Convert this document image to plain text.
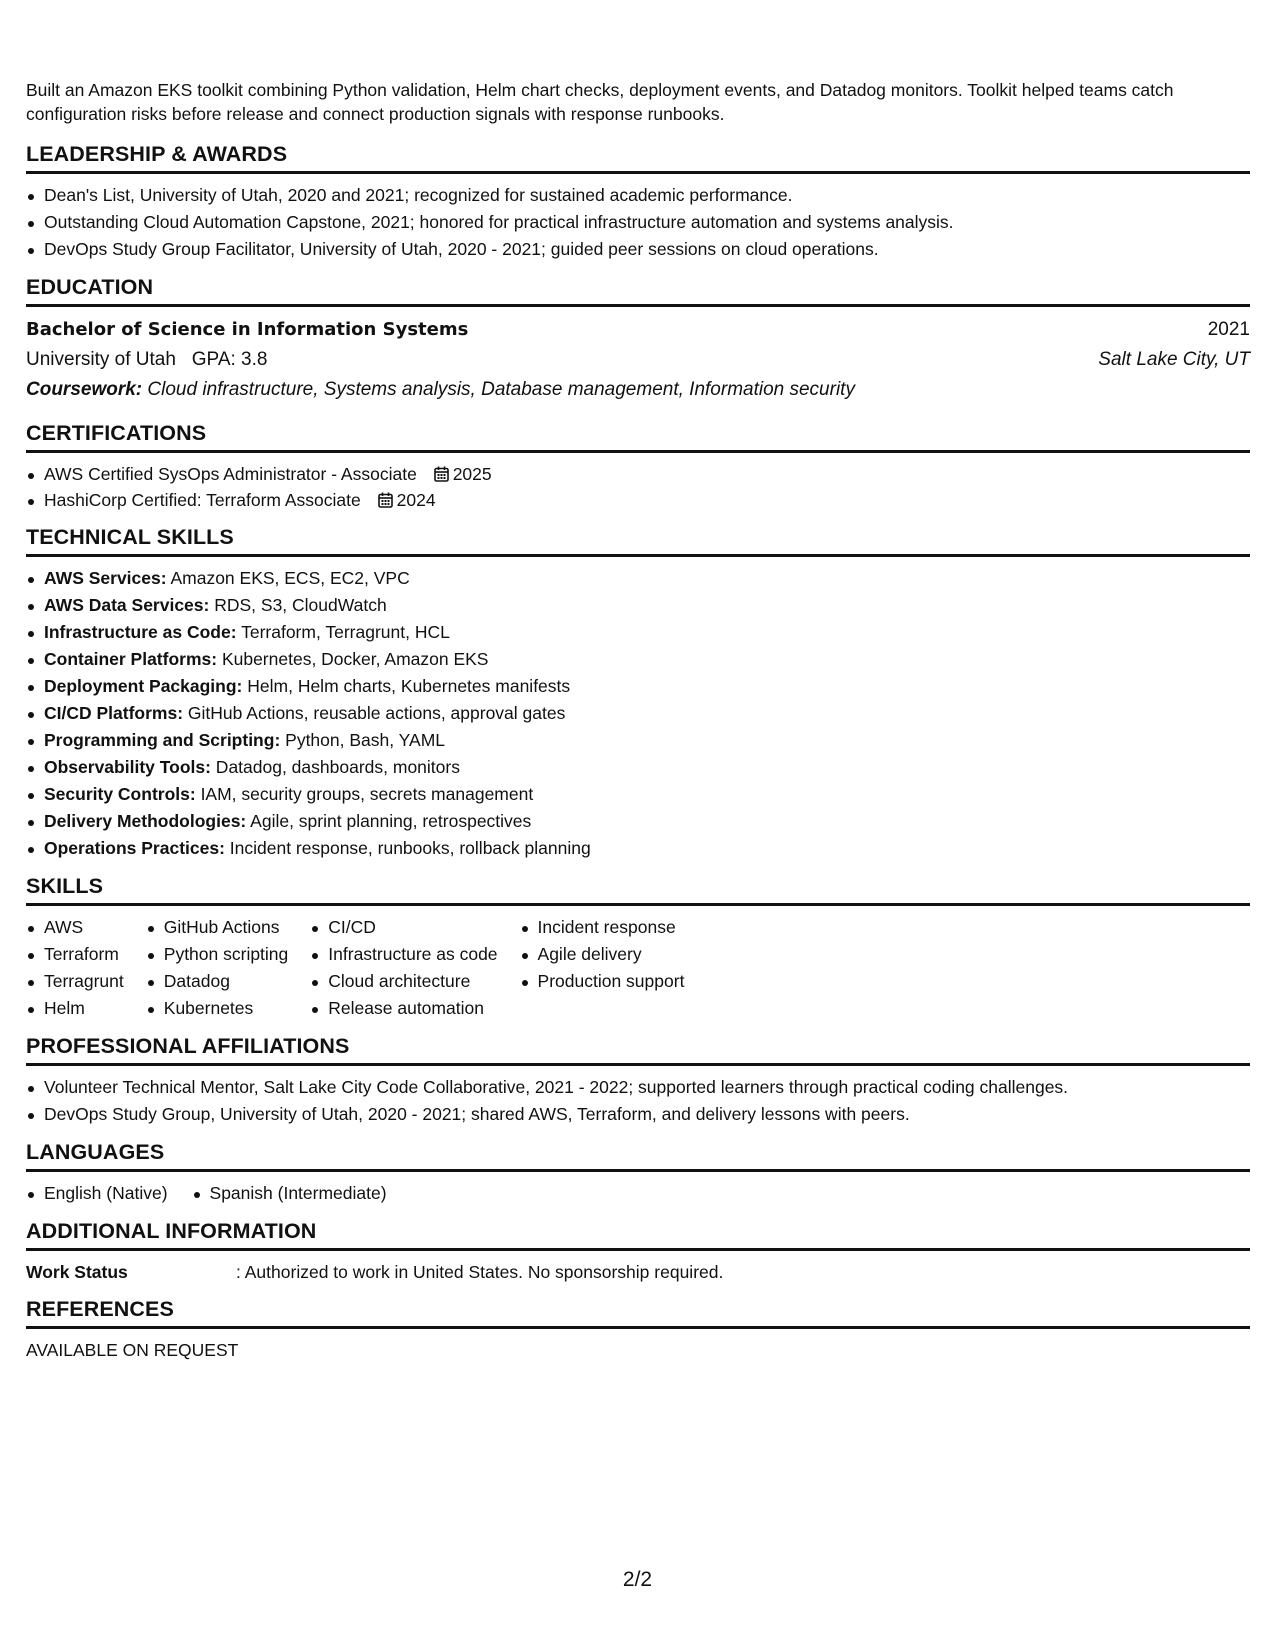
Built an Amazon EKS toolkit combining Python validation, Helm chart checks, deployment events, and Datadog monitors. Toolkit helped teams catch configuration risks before release and connect production signals with response runbooks.

LEADERSHIP & AWARDS
Dean's List, University of Utah, 2020 and 2021; recognized for sustained academic performance.
Outstanding Cloud Automation Capstone, 2021; honored for practical infrastructure automation and systems analysis.
DevOps Study Group Facilitator, University of Utah, 2020 - 2021; guided peer sessions on cloud operations.
EDUCATION
Bachelor of Science in Information Systems	2021
University of Utah   GPA: 3.8	Salt Lake City, UT
Coursework: Cloud infrastructure, Systems analysis, Database management, Information security
CERTIFICATIONS
AWS Certified SysOps Administrator - Associate 2025
HashiCorp Certified: Terraform Associate 2024
TECHNICAL SKILLS
AWS Services: Amazon EKS, ECS, EC2, VPC
AWS Data Services: RDS, S3, CloudWatch
Infrastructure as Code: Terraform, Terragrunt, HCL
Container Platforms: Kubernetes, Docker, Amazon EKS
Deployment Packaging: Helm, Helm charts, Kubernetes manifests
CI/CD Platforms: GitHub Actions, reusable actions, approval gates
Programming and Scripting: Python, Bash, YAML
Observability Tools: Datadog, dashboards, monitors
Security Controls: IAM, security groups, secrets management
Delivery Methodologies: Agile, sprint planning, retrospectives
Operations Practices: Incident response, runbooks, rollback planning
SKILLS
AWS
Terraform
Terragrunt
Helm
GitHub Actions
Python scripting
Datadog
Kubernetes
CI/CD
Infrastructure as code
Cloud architecture
Release automation
Incident response
Agile delivery
Production support
PROFESSIONAL AFFILIATIONS
Volunteer Technical Mentor, Salt Lake City Code Collaborative, 2021 - 2022; supported learners through practical coding challenges.
DevOps Study Group, University of Utah, 2020 - 2021; shared AWS, Terraform, and delivery lessons with peers.
LANGUAGES
English (Native)	Spanish (Intermediate)
ADDITIONAL INFORMATION
Work Status	: Authorized to work in United States. No sponsorship required.
REFERENCES
AVAILABLE ON REQUEST
2/2
